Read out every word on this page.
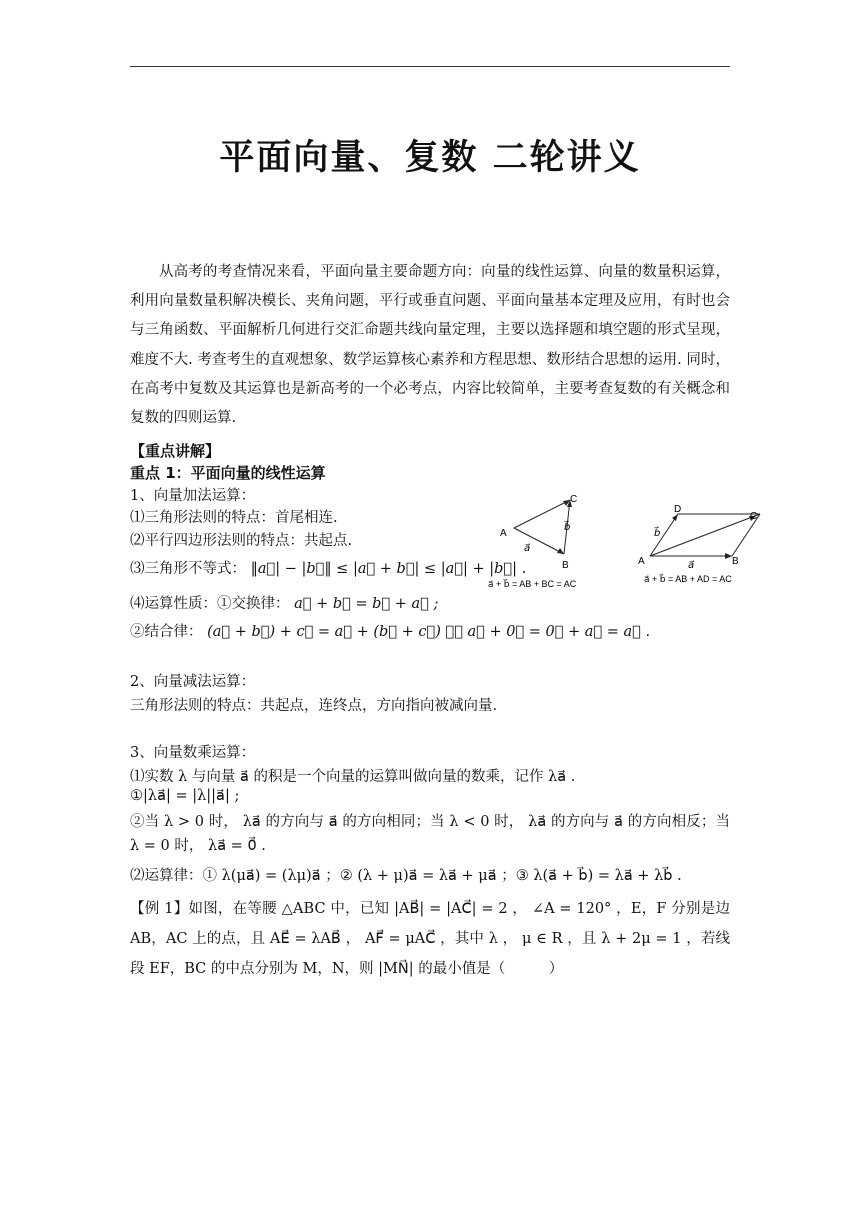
平面向量、复数 二轮讲义
从高考的考查情况来看，平面向量主要命题方向：向量的线性运算、向量的数量积运算，利用向量数量积解决模长、夹角问题，平行或垂直问题、平面向量基本定理及应用，有时也会与三角函数、平面解析几何进行交汇命题共线向量定理，主要以选择题和填空题的形式呈现，难度不大. 考查考生的直观想象、数学运算核心素养和方程思想、数形结合思想的运用. 同时，在高考中复数及其运算也是新高考的一个必考点，内容比较简单，主要考查复数的有关概念和复数的四则运算.
【重点讲解】
重点 1：平面向量的线性运算
1、向量加法运算：
⑴三角形法则的特点：首尾相连.
⑵平行四边形法则的特点：共起点.
⑶三角形不等式： ‖a⃗| − |b⃗‖ ≤ |a⃗ + b⃗| ≤ |a⃗| + |b⃗| .
⑷运算性质：①交换律： a⃗ + b⃗ = b⃗ + a⃗ ;
②结合律： (a⃗ + b⃗) + c⃗ = a⃗ + (b⃗ + c⃗) ；③ a⃗ + 0⃗ = 0⃗ + a⃗ = a⃗ .
A
B
C
a⃗
b⃗
a⃗ + b⃗ = AB + BC = AC
A
D
B
C
b⃗
a⃗
a⃗ + b⃗ = AB + AD = AC
2、向量减法运算：
三角形法则的特点：共起点，连终点，方向指向被减向量.
3、向量数乘运算：
⑴实数 λ 与向量 a⃗ 的积是一个向量的运算叫做向量的数乘，记作 λa⃗ .
①|λa⃗| = |λ||a⃗| ;
②当 λ > 0 时， λa⃗ 的方向与 a⃗ 的方向相同；当 λ < 0 时， λa⃗ 的方向与 a⃗ 的方向相反；当 λ = 0 时， λa⃗ = 0⃗ .
⑵运算律：① λ(μa⃗) = (λμ)a⃗ ；② (λ + μ)a⃗ = λa⃗ + μa⃗ ；③ λ(a⃗ + b⃗) = λa⃗ + λb⃗ .
【例 1】如图，在等腰 △ABC 中，已知 |AB⃗| = |AC⃗| = 2 ， ∠A = 120° ，E，F 分别是边 AB，AC 上的点，且 AE⃗ = λAB⃗ ， AF⃗ = μAC⃗ ，其中 λ ， μ ∈ R ，且 λ + 2μ = 1 ，若线段 EF，BC 的中点分别为 M，N，则 |MN⃗| 的最小值是（　　　）
